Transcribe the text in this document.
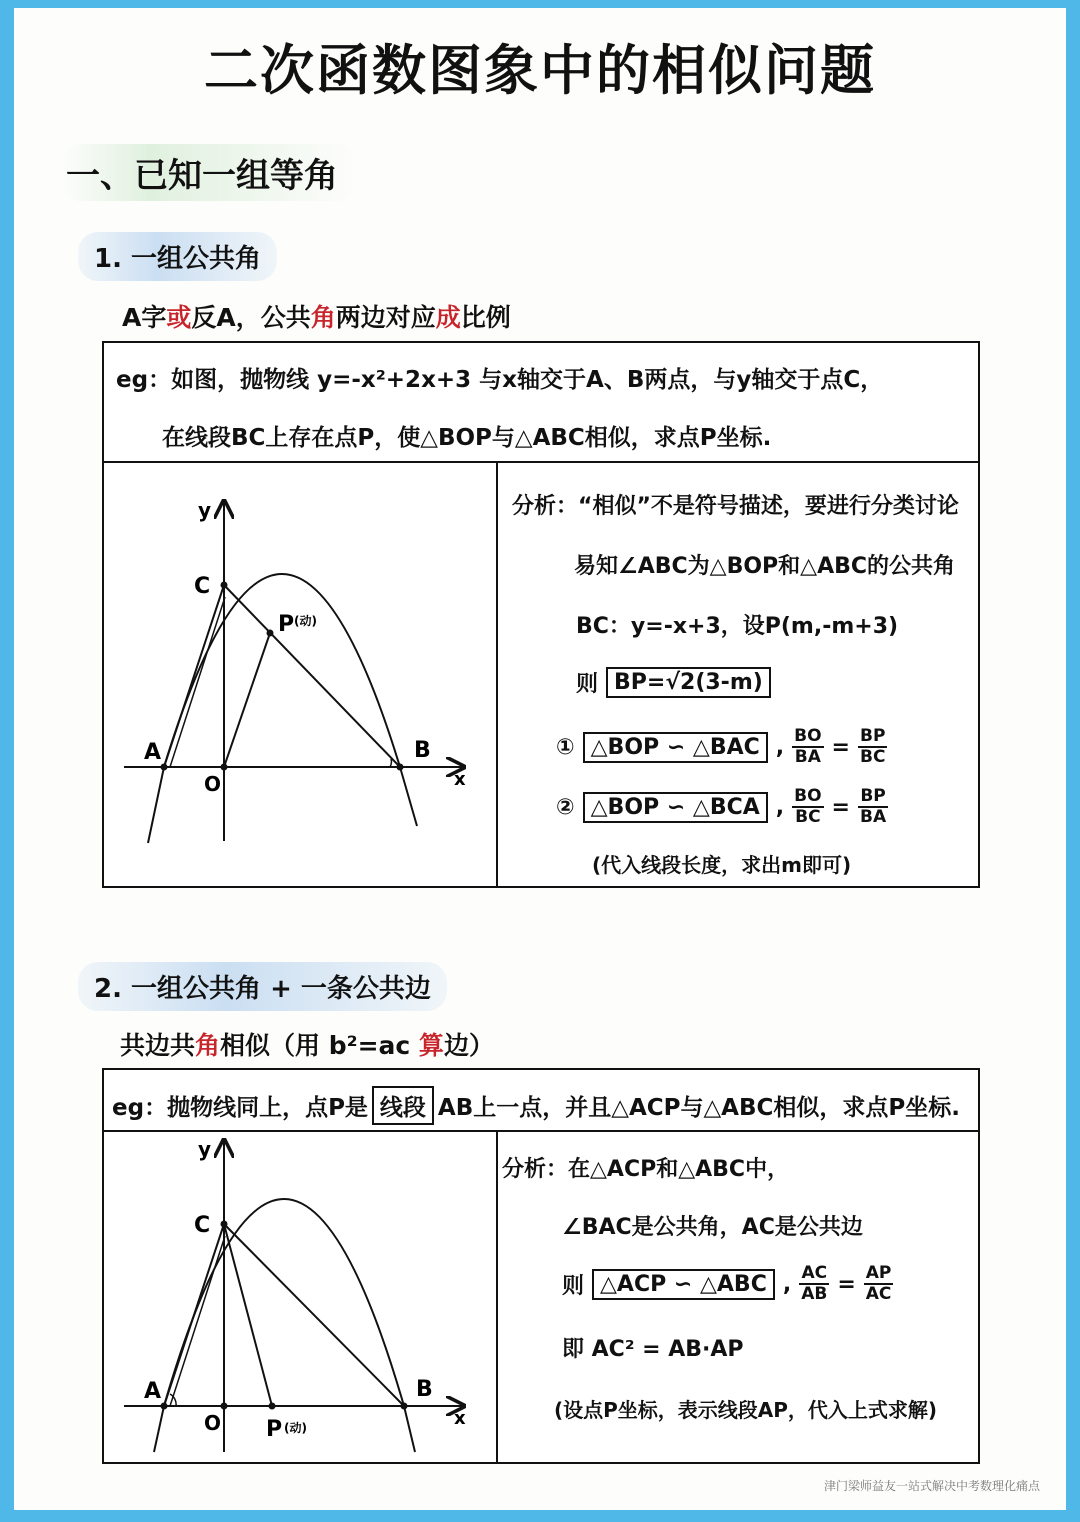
二次函数图象中的相似问题
一、已知一组等角
1. 一组公共角
A字或反A，公共角两边对应成比例
eg：如图，抛物线 y=-x²+2x+3 与x轴交于A、B两点，与y轴交于点C，
在线段BC上存在点P，使△BOP与△ABC相似，求点P坐标.
y
x
C
P (动)
A
O
B
分析：“相似”不是符号描述，要进行分类讨论
易知∠ABC为△BOP和△ABC的公共角
BC：y=-x+3，设P(m,-m+3)
则 BP=√2(3-m)
① △BOP ∽ △BAC , $\frac{BO}{BA} = \frac{BP}{BC}$
② △BOP ∽ △BCA , $\frac{BO}{BC} = \frac{BP}{BA}$
(代入线段长度，求出m即可)
2. 一组公共角 + 一条公共边
共边共角相似（用 b²=ac 算边）
eg：抛物线同上，点P是 线段 AB上一点，并且△ACP与△ABC相似，求点P坐标.
y
x
C
A
O P (动)
B
分析：在△ACP和△ABC中，
∠BAC是公共角，AC是公共边
则 △ACP ∽ △ABC , $\frac{AC}{AB} = \frac{AP}{AC}$
即 AC² = AB·AP
(设点P坐标，表示线段AP，代入上式求解)
津门梁师益友一站式解决中考数理化痛点
